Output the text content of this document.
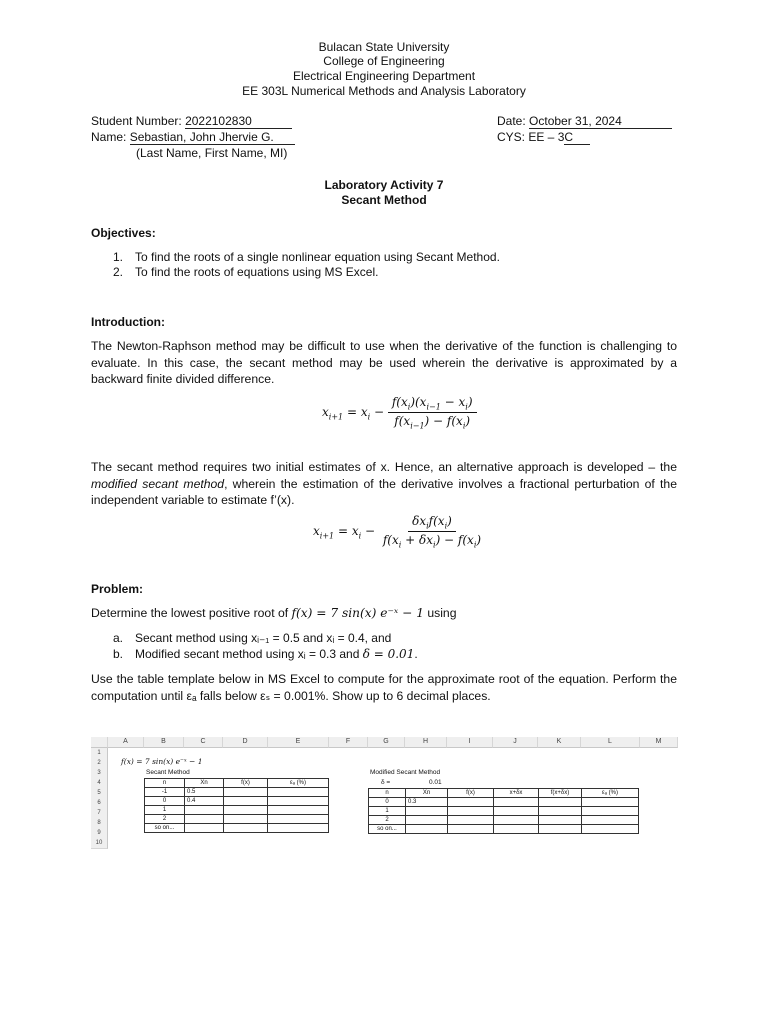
Bulacan State University
College of Engineering
Electrical Engineering Department
EE 303L Numerical Methods and Analysis Laboratory
Student Number: 2022102830
Name: Sebastian, John Jhervie G.
(Last Name, First Name, MI)
Date: October 31, 2024
CYS: EE – 3C
Laboratory Activity 7
Secant Method
Objectives:
1. To find the roots of a single nonlinear equation using Secant Method.
2. To find the roots of equations using MS Excel.
Introduction:
The Newton-Raphson method may be difficult to use when the derivative of the function is challenging to evaluate. In this case, the secant method may be used wherein the derivative is approximated by a backward finite divided difference.
$x_{i+1} = x_i - \frac{f(x_i)(x_{i-1} - x_i)}{f(x_{i-1}) - f(x_i)}$
The secant method requires two initial estimates of x. Hence, an alternative approach is developed – the modified secant method, wherein the estimation of the derivative involves a fractional perturbation of the independent variable to estimate f’(x).
$x_{i+1} = x_i - \frac{\delta x_if(x_i)}{f(x_i + \delta x_i) - f(x_i)}$
Problem:
Determine the lowest positive root of f(x) = 7 sin(x) e⁻ˣ − 1 using
a. Secant method using xᵢ₋₁ = 0.5 and xᵢ = 0.4, and
b. Modified secant method using xᵢ = 0.3 and δ = 0.01.
Use the table template below in MS Excel to compute for the approximate root of the equation. Perform the computation until εₐ falls below εₛ = 0.001%. Show up to 6 decimal places.
A	B	C	D	E	F	G	H	I	J	K	L	M
1
2
3
4
5
6
7
8
9
10
f(x) = 7 sin(x) e⁻ˣ − 1
Secant Method
n	Xn	f(x)	εₐ (%)
-1	0.5		
0	0.4		
1			
2			
so on...			
Modified Secant Method
δ =	0.01
n	Xn	f(x)	x+δx	f(x+δx)	εₐ (%)
0	0.3				
1					
2					
so on...					
